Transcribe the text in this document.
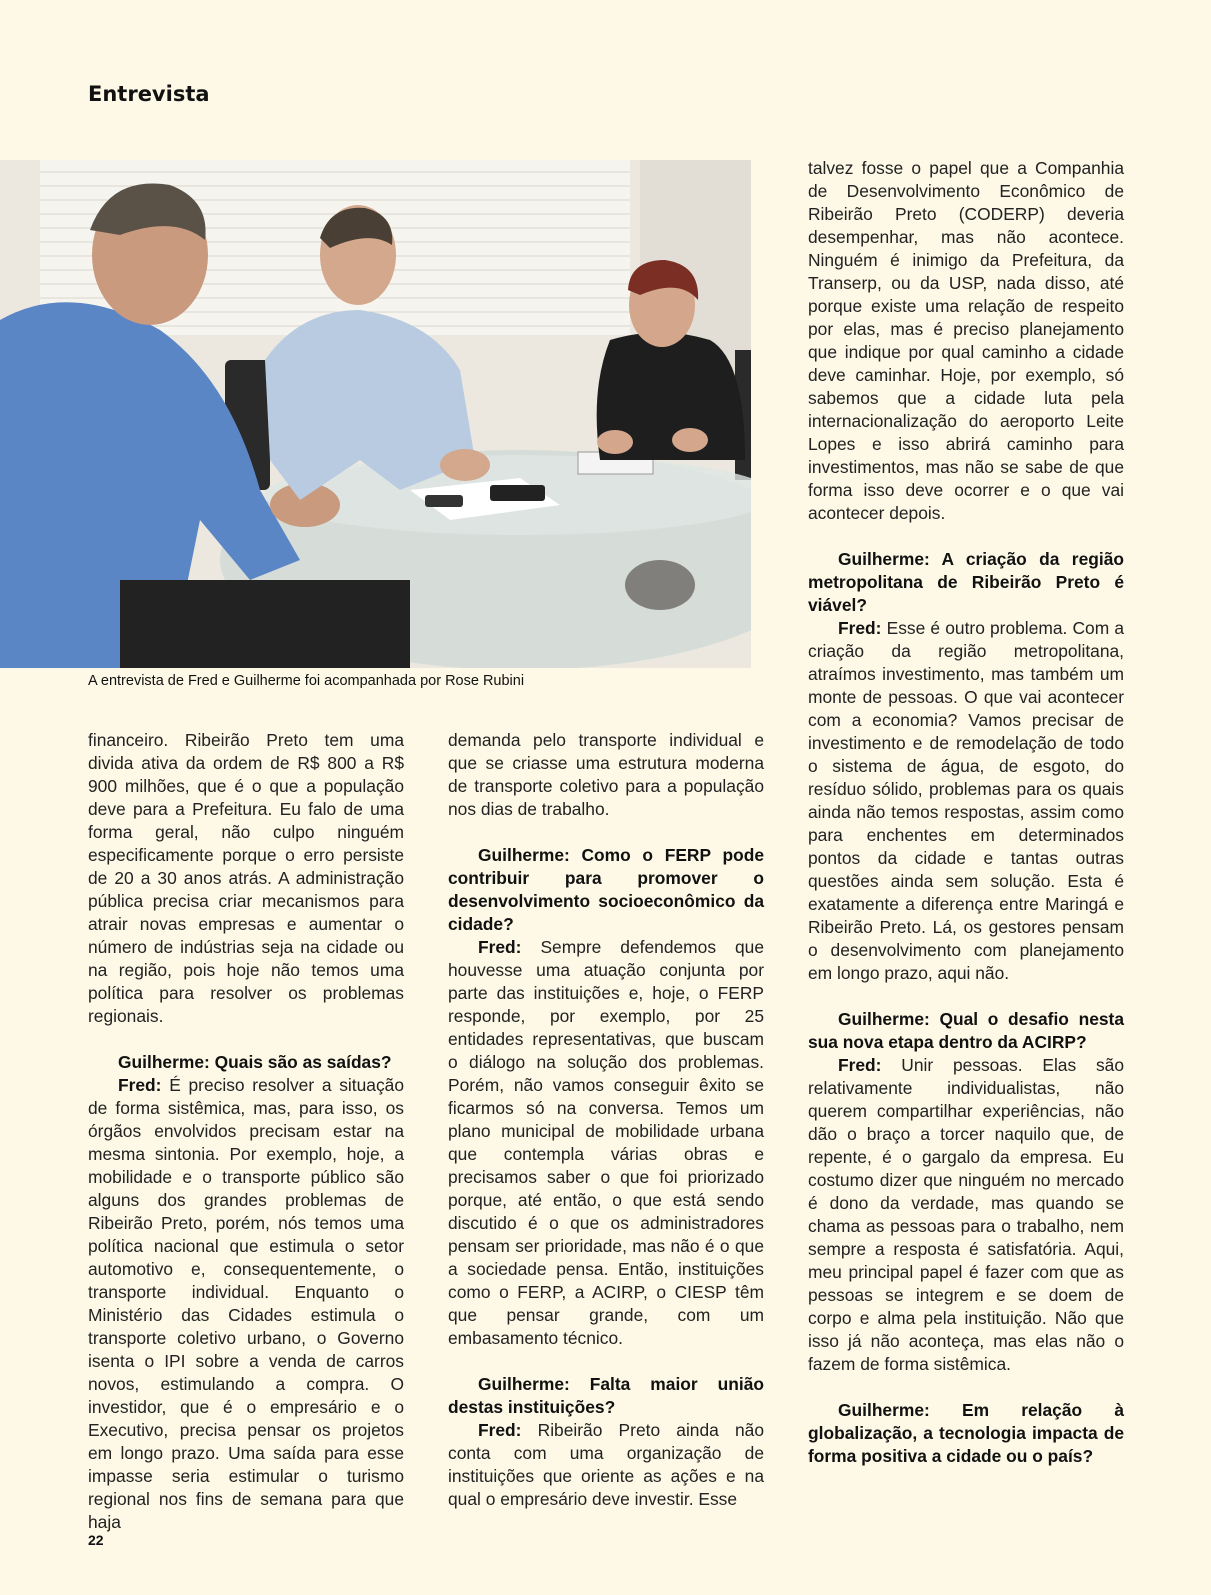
Entrevista

A entrevista de Fred e Guilherme foi acompanhada por Rose Rubini

financeiro. Ribeirão Preto tem uma divida ativa da ordem de R$ 800 a R$ 900 milhões, que é o que a população deve para a Prefeitura. Eu falo de uma forma geral, não culpo ninguém especificamente porque o erro persiste de 20 a 30 anos atrás. A administração pública precisa criar mecanismos para atrair novas empresas e aumentar o número de indústrias seja na cidade ou na região, pois hoje não temos uma política para resolver os problemas regionais.

Guilherme: Quais são as saídas?

Fred: É preciso resolver a situação de forma sistêmica, mas, para isso, os órgãos envolvidos precisam estar na mesma sintonia. Por exemplo, hoje, a mobilidade e o transporte público são alguns dos grandes problemas de Ribeirão Preto, porém, nós temos uma política nacional que estimula o setor automotivo e, consequentemente, o transporte individual. Enquanto o Ministério das Cidades estimula o transporte coletivo urbano, o Governo isenta o IPI sobre a venda de carros novos, estimulando a compra. O investidor, que é o empresário e o Executivo, precisa pensar os projetos em longo prazo. Uma saída para esse impasse seria estimular o turismo regional nos fins de semana para que haja

demanda pelo transporte individual e que se criasse uma estrutura moderna de transporte coletivo para a população nos dias de trabalho.

Guilherme: Como o FERP pode contribuir para promover o desenvolvimento socioeconômico da cidade?

Fred: Sempre defendemos que houvesse uma atuação conjunta por parte das instituições e, hoje, o FERP responde, por exemplo, por 25 entidades representativas, que buscam o diálogo na solução dos problemas. Porém, não vamos conseguir êxito se ficarmos só na conversa. Temos um plano municipal de mobilidade urbana que contempla várias obras e precisamos saber o que foi priorizado porque, até então, o que está sendo discutido é o que os administradores pensam ser prioridade, mas não é o que a sociedade pensa. Então, instituições como o FERP, a ACIRP, o CIESP têm que pensar grande, com um embasamento técnico.

Guilherme: Falta maior união destas instituições?

Fred: Ribeirão Preto ainda não conta com uma organização de instituições que oriente as ações e na qual o empresário deve investir. Esse

talvez fosse o papel que a Companhia de Desenvolvimento Econômico de Ribeirão Preto (CODERP) deveria desempenhar, mas não acontece. Ninguém é inimigo da Prefeitura, da Transerp, ou da USP, nada disso, até porque existe uma relação de respeito por elas, mas é preciso planejamento que indique por qual caminho a cidade deve caminhar. Hoje, por exemplo, só sabemos que a cidade luta pela internacionalização do aeroporto Leite Lopes e isso abrirá caminho para investimentos, mas não se sabe de que forma isso deve ocorrer e o que vai acontecer depois.

Guilherme: A criação da região metropolitana de Ribeirão Preto é viável?

Fred: Esse é outro problema. Com a criação da região metropolitana, atraímos investimento, mas também um monte de pessoas. O que vai acontecer com a economia? Vamos precisar de investimento e de remodelação de todo o sistema de água, de esgoto, do resíduo sólido, problemas para os quais ainda não temos respostas, assim como para enchentes em determinados pontos da cidade e tantas outras questões ainda sem solução. Esta é exatamente a diferença entre Maringá e Ribeirão Preto. Lá, os gestores pensam o desenvolvimento com planejamento em longo prazo, aqui não.

Guilherme: Qual o desafio nesta sua nova etapa dentro da ACIRP?

Fred: Unir pessoas. Elas são relativamente individualistas, não querem compartilhar experiências, não dão o braço a torcer naquilo que, de repente, é o gargalo da empresa. Eu costumo dizer que ninguém no mercado é dono da verdade, mas quando se chama as pessoas para o trabalho, nem sempre a resposta é satisfatória. Aqui, meu principal papel é fazer com que as pessoas se integrem e se doem de corpo e alma pela instituição. Não que isso já não aconteça, mas elas não o fazem de forma sistêmica.

Guilherme: Em relação à globalização, a tecnologia impacta de forma positiva a cidade ou o país?

22
